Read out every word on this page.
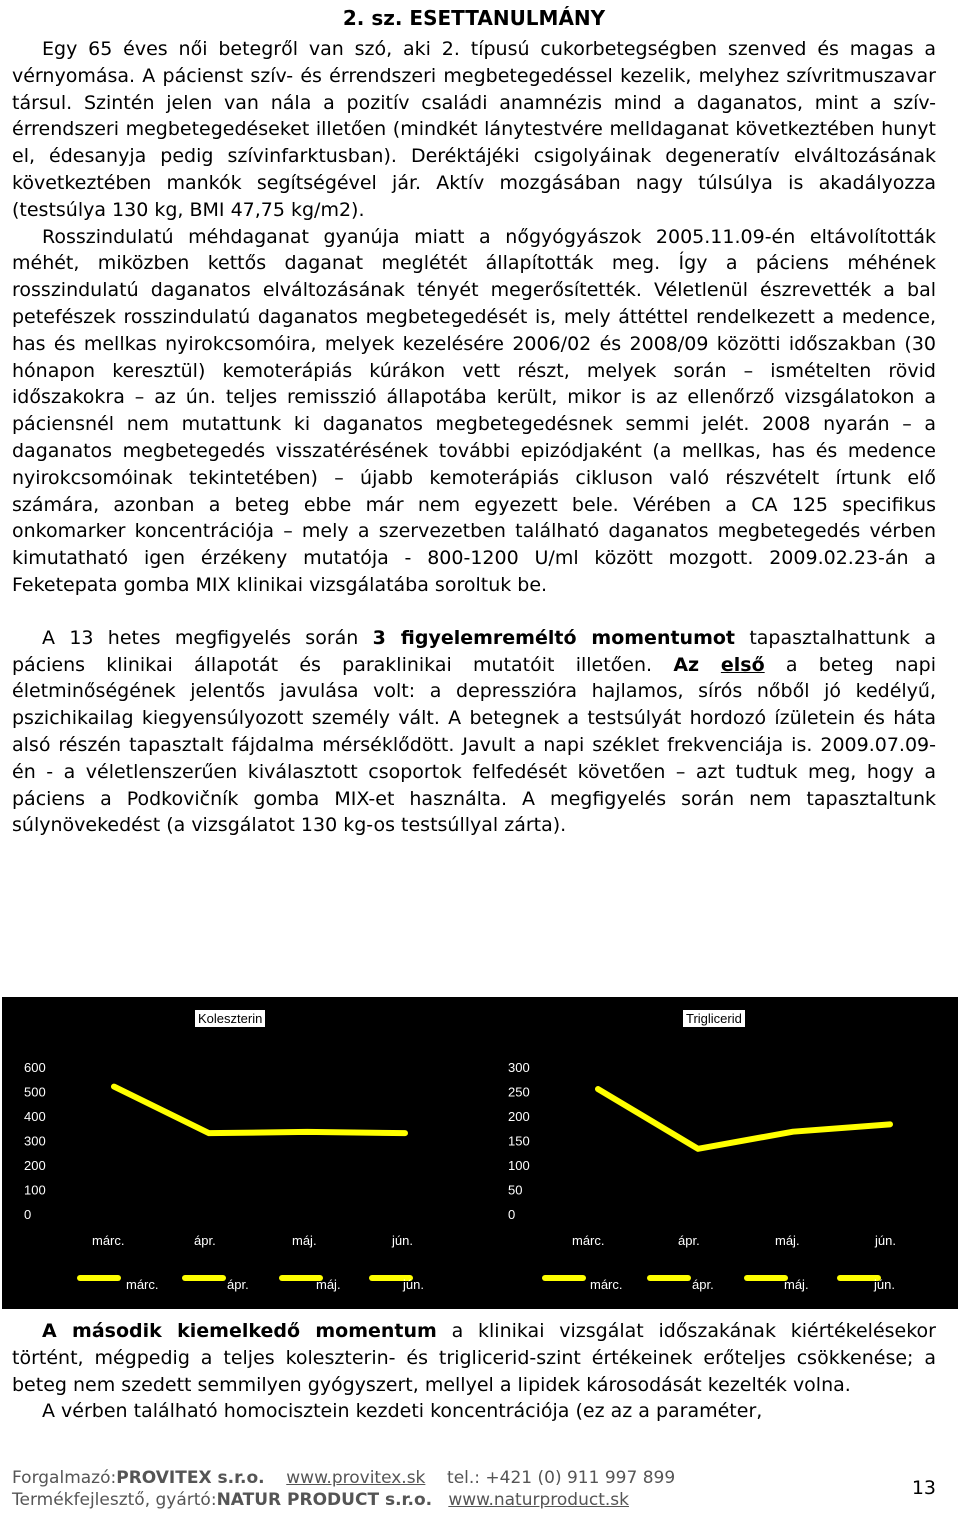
2. sz. ESETTANULMÁNY

Egy 65 éves női betegről van szó, aki 2. típusú cukorbetegségben szenved és magas a vérnyomása. A pácienst szív- és érrendszeri megbetegedéssel kezelik, melyhez szívritmuszavar társul. Szintén jelen van nála a pozitív családi anamnézis mind a daganatos, mint a szív-érrendszeri megbetegedéseket illetően (mindkét lánytestvére melldaganat következtében hunyt el, édesanyja pedig szívinfarktusban). Deréktájéki csigolyáinak degeneratív elváltozásának következtében mankók segítségével jár. Aktív mozgásában nagy túlsúlya is akadályozza (testsúlya 130 kg, BMI 47,75 kg/m2).

Rosszindulatú méhdaganat gyanúja miatt a nőgyógyászok 2005.11.09-én eltávolították méhét, miközben kettős daganat meglétét állapították meg. Így a páciens méhének rosszindulatú daganatos elváltozásának tényét megerősítették. Véletlenül észrevették a bal petefészek rosszindulatú daganatos megbetegedését is, mely áttéttel rendelkezett a medence, has és mellkas nyirokcsomóira, melyek kezelésére 2006/02 és 2008/09 közötti időszakban (30 hónapon keresztül) kemoterápiás kúrákon vett részt, melyek során – ismételten rövid időszakokra – az ún. teljes remisszió állapotába került, mikor is az ellenőrző vizsgálatokon a páciensnél nem mutattunk ki daganatos megbetegedésnek semmi jelét. 2008 nyarán – a daganatos megbetegedés visszatérésének további epizódjaként (a mellkas, has és medence nyirokcsomóinak tekintetében) – újabb kemoterápiás cikluson való részvételt írtunk elő számára, azonban a beteg ebbe már nem egyezett bele. Vérében a CA 125 specifikus onkomarker koncentrációja – mely a szervezetben található daganatos megbetegedés vérben kimutatható igen érzékeny mutatója - 800-1200 U/ml között mozgott. 2009.02.23-án a Feketepata gomba MIX klinikai vizsgálatába soroltuk be.

A 13 hetes megfigyelés során 3 figyelemreméltó momentumot tapasztalhattunk a páciens klinikai állapotát és paraklinikai mutatóit illetően. Az első a beteg napi életminőségének jelentős javulása volt: a depresszióra hajlamos, sírós nőből jó kedélyű, pszichikailag kiegyensúlyozott személy vált. A betegnek a testsúlyát hordozó ízületein és háta alsó részén tapasztalt fájdalma mérséklődött. Javult a napi széklet frekvenciája is. 2009.07.09-én - a véletlenszerűen kiválasztott csoportok felfedését követően – azt tudtuk meg, hogy a páciens a Podkovičník gomba MIX-et használta. A megfigyelés során nem tapasztaltunk súlynövekedést (a vizsgálatot 130 kg-os testsúllyal zárta).

Koleszterin
600
500
400
300
200
100
0
márc.	ápr.	máj.	jún.
márc.	ápr.	máj.	jún.
Triglicerid
300
250
200
150
100
50
0
márc.	ápr.	máj.	jún.
márc.	ápr.	máj.	jún.

A második kiemelkedő momentum a klinikai vizsgálat időszakának kiértékelésekor történt, mégpedig a teljes koleszterin- és triglicerid-szint értékeinek erőteljes csökkenése; a beteg nem szedett semmilyen gyógyszert, mellyel a lipidek károsodását kezelték volna.

A vérben található homocisztein kezdeti koncentrációja (ez az a paraméter,

Forgalmazó: PROVITEX s.r.o.
www.provitex.sk
tel.: +421 (0) 911 997 899
Termékfejlesztő, gyártó: NATUR PRODUCT s.r.o.
www.naturproduct.sk
13
